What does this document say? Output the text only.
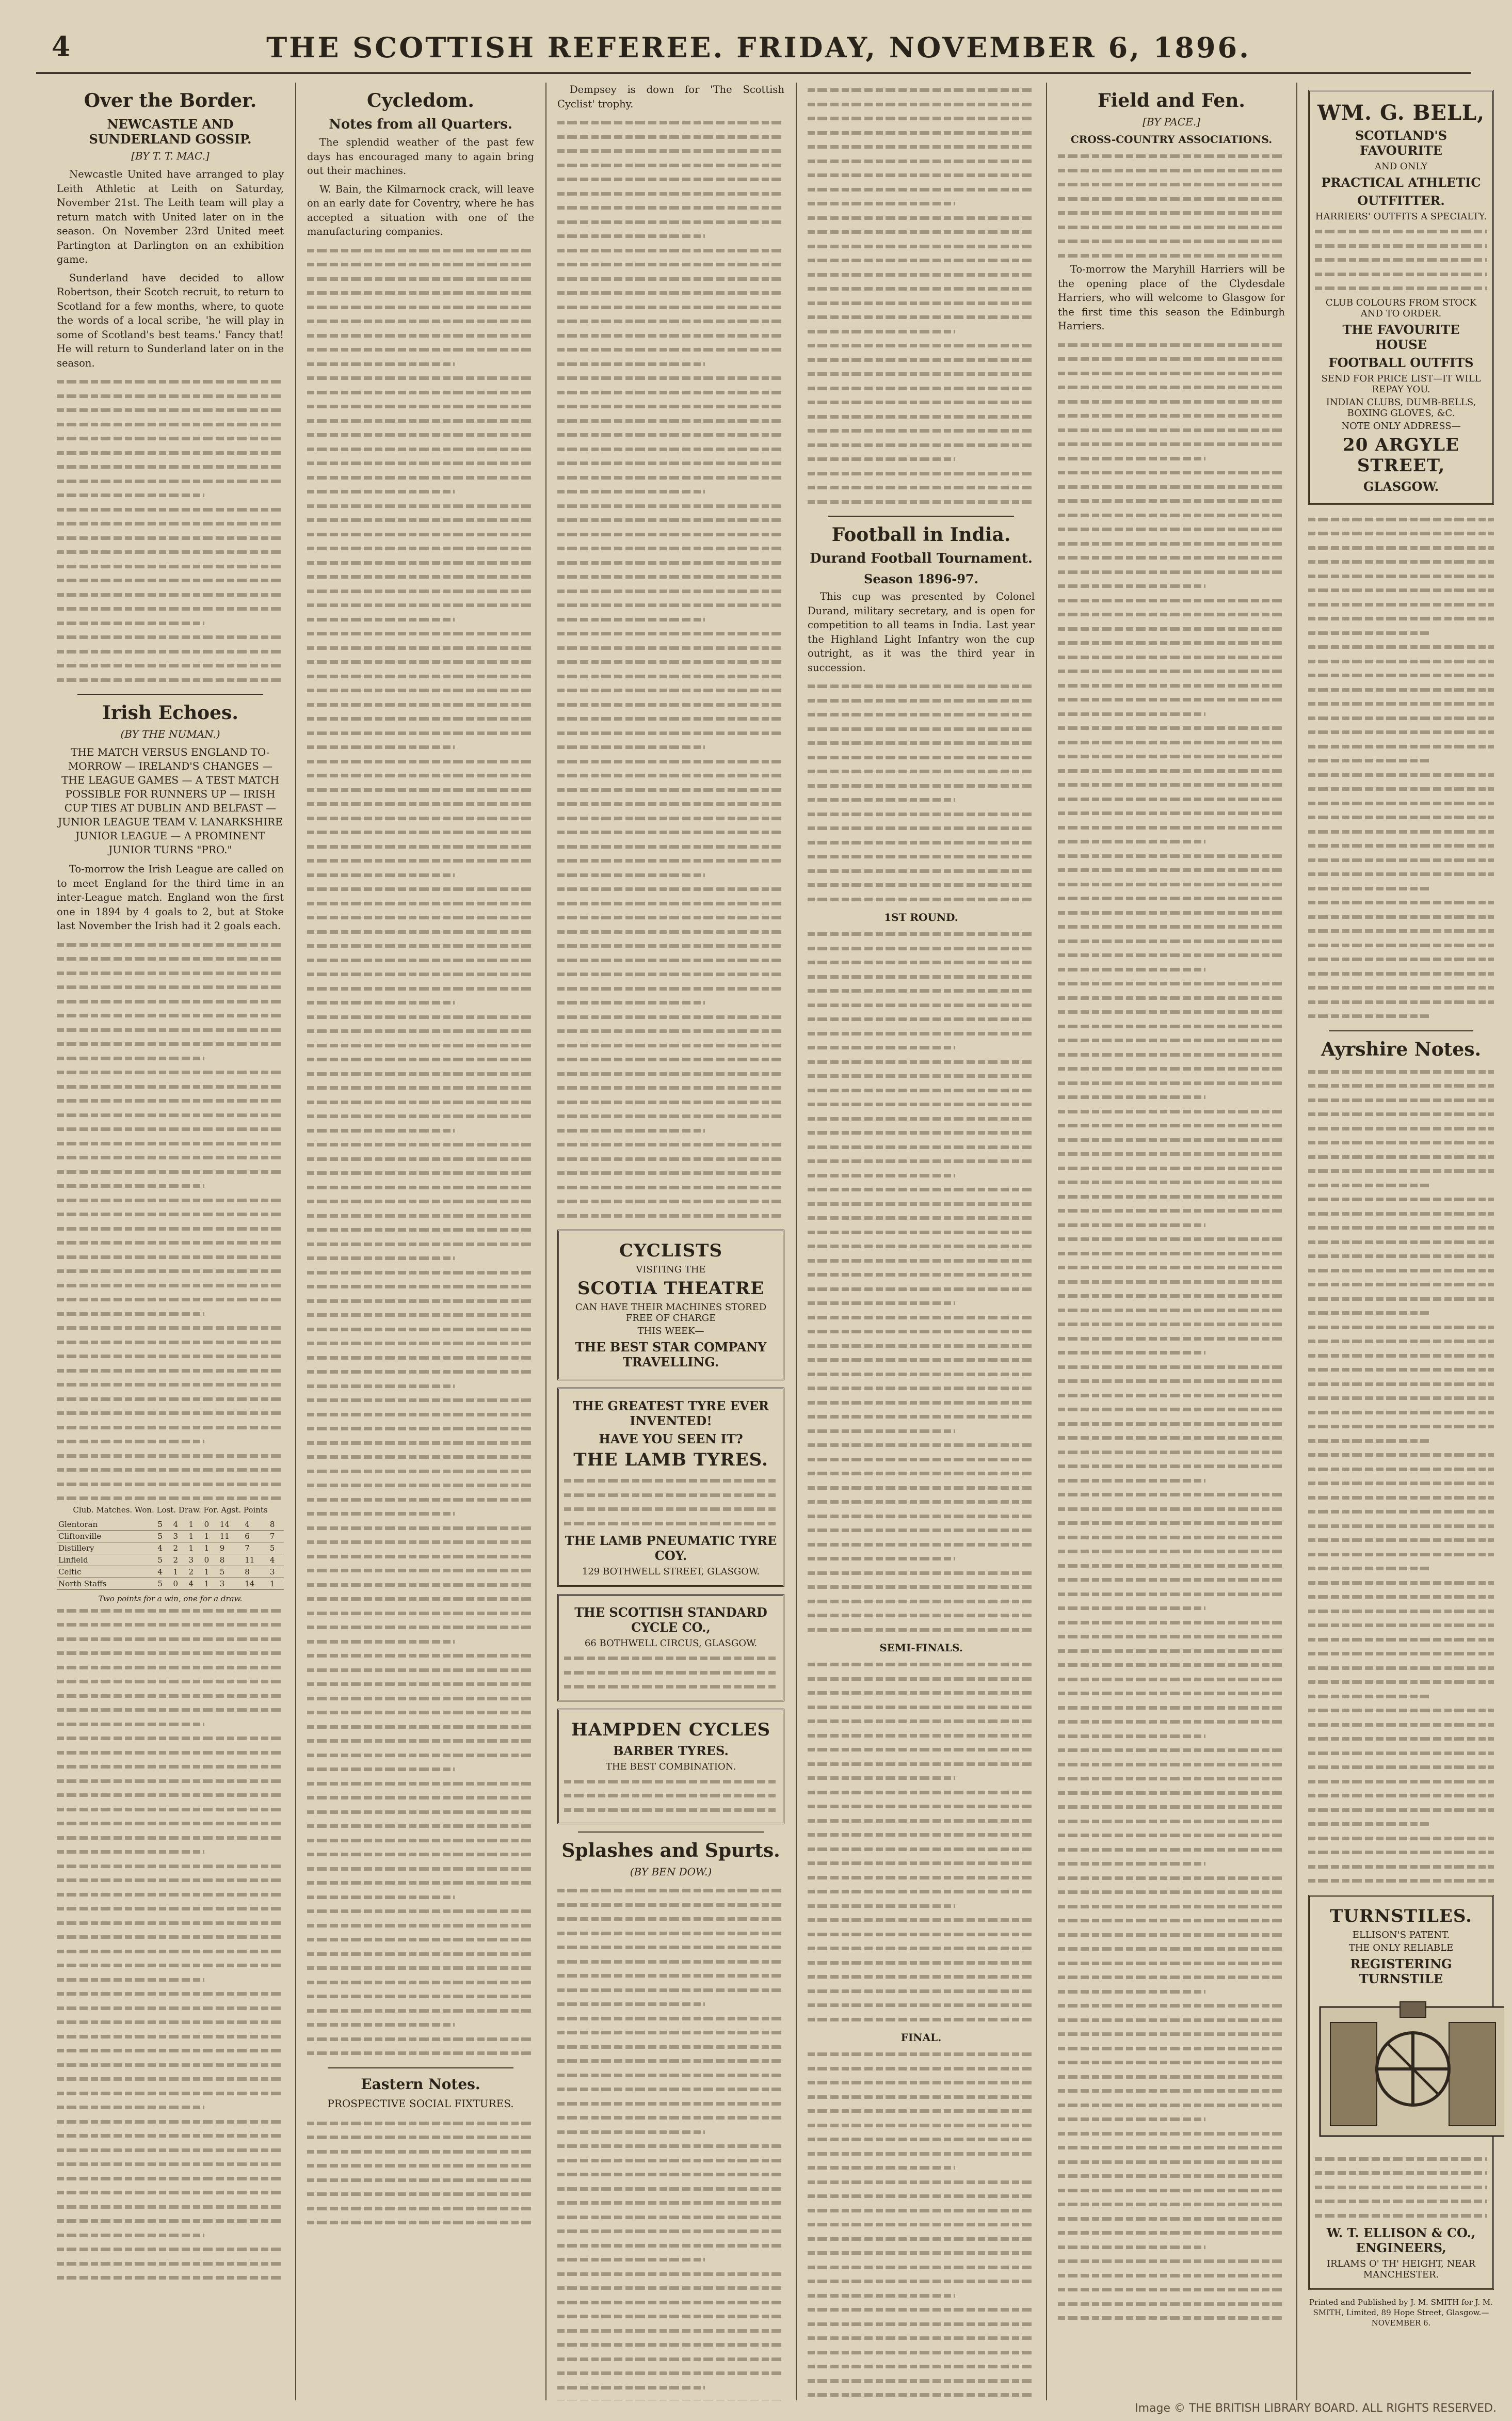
4	THE SCOTTISH REFEREE. FRIDAY, NOVEMBER 6, 1896.
Over the Border.
NEWCASTLE AND SUNDERLAND GOSSIP.
[BY T. T. MAC.]

Newcastle United have arranged to play Leith Athletic at Leith on Saturday, November 21st. The Leith team will play a return match with United later on in the season. On November 23rd United meet Partington at Darlington on an exhibition game.

Sunderland have decided to allow Robertson, their Scotch recruit, to return to Scotland for a few months, where, to quote the words of a local scribe, 'he will play in some of Scotland's best teams.' Fancy that! He will return to Sunderland later on in the season.

Irish Echoes.
(BY THE NUMAN.)
THE MATCH VERSUS ENGLAND TO-MORROW — IRELAND'S CHANGES — THE LEAGUE GAMES — A TEST MATCH POSSIBLE FOR RUNNERS UP — IRISH CUP TIES AT DUBLIN AND BELFAST — JUNIOR LEAGUE TEAM V. LANARKSHIRE JUNIOR LEAGUE — A PROMINENT JUNIOR TURNS "PRO."

To-morrow the Irish League are called on to meet England for the third time in an inter-League match. England won the first one in 1894 by 4 goals to 2, but at Stoke last November the Irish had it 2 goals each.

Club. Matches. Won. Lost. Draw. For. Agst. Points
Glentoran	5	4	1	0	14	4	8
Cliftonville	5	3	1	1	11	6	7
Distillery	4	2	1	1	9	7	5
Linfield	5	2	3	0	8	11	4
Celtic	4	1	2	1	5	8	3
North Staffs	5	0	4	1	3	14	1
Two points for a win, one for a draw.
Cycledom.
Notes from all Quarters.

The splendid weather of the past few days has encouraged many to again bring out their machines.

W. Bain, the Kilmarnock crack, will leave on an early date for Coventry, where he has accepted a situation with one of the manufacturing companies.

Eastern Notes.
PROSPECTIVE SOCIAL FIXTURES.

Dempsey is down for 'The Scottish Cyclist' trophy.

CYCLISTS
VISITING THE
SCOTIA THEATRE
CAN HAVE THEIR MACHINES STORED FREE OF CHARGE
THIS WEEK—
THE BEST STAR COMPANY TRAVELLING.
THE GREATEST TYRE EVER INVENTED!
HAVE YOU SEEN IT?
THE LAMB TYRES.
THE LAMB PNEUMATIC TYRE COY.
129 BOTHWELL STREET, GLASGOW.
THE SCOTTISH STANDARD CYCLE CO.,
66 BOTHWELL CIRCUS, GLASGOW.
HAMPDEN CYCLES
BARBER TYRES.
THE BEST COMBINATION.
Splashes and Spurts.
(BY BEN DOW.)
Football in India.
Durand Football Tournament.
Season 1896-97.

This cup was presented by Colonel Durand, military secretary, and is open for competition to all teams in India. Last year the Highland Light Infantry won the cup outright, as it was the third year in succession.

1ST ROUND.
SEMI-FINALS.
FINAL.
Field and Fen.
[BY PACE.]
CROSS-COUNTRY ASSOCIATIONS.

To-morrow the Maryhill Harriers will be the opening place of the Clydesdale Harriers, who will welcome to Glasgow for the first time this season the Edinburgh Harriers.

WM. G. BELL,
SCOTLAND'S FAVOURITE
AND ONLY
PRACTICAL ATHLETIC
OUTFITTER.
HARRIERS' OUTFITS A SPECIALTY.
CLUB COLOURS FROM STOCK AND TO ORDER.
THE FAVOURITE HOUSE
FOOTBALL OUTFITS
SEND FOR PRICE LIST—IT WILL REPAY YOU.
INDIAN CLUBS, DUMB-BELLS, BOXING GLOVES, &C.
NOTE ONLY ADDRESS—
20 ARGYLE STREET,
GLASGOW.
Ayrshire Notes.
TURNSTILES.
ELLISON'S PATENT.
THE ONLY RELIABLE
REGISTERING TURNSTILE
W. T. ELLISON & CO., ENGINEERS,
IRLAMS O' TH' HEIGHT, NEAR MANCHESTER.
Printed and Published by J. M. SMITH for J. M. SMITH, Limited, 89 Hope Street, Glasgow.—NOVEMBER 6.
Image © THE BRITISH LIBRARY BOARD. ALL RIGHTS RESERVED.
